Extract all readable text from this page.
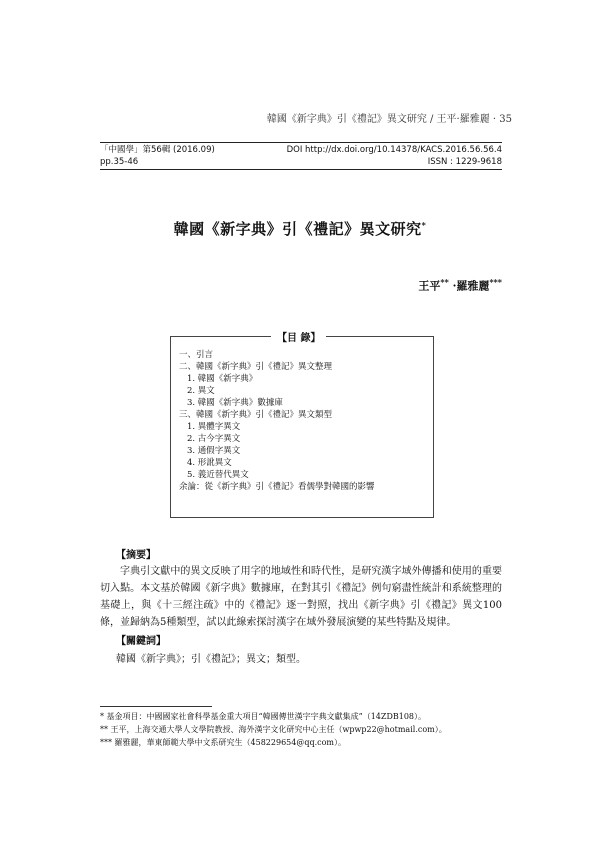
韓國《新字典》引《禮記》異文研究 / 王平·羅雅麗 · 35
「中國學」第56輯 (2016.09)	DOI http://dx.doi.org/10.14378/KACS.2016.56.56.4
pp.35-46	ISSN : 1229-9618
韓國《新字典》引《禮記》異文研究*
王平** ·羅雅麗***
【目 錄】
一、引言
二、韓國《新字典》引《禮記》異文整理
1. 韓國《新字典》
2. 異文
3. 韓國《新字典》數據庫
三、韓國《新字典》引《禮記》異文類型
1. 異體字異文
2. 古今字異文
3. 通假字異文
4. 形訛異文
5. 義近替代異文
余論：從《新字典》引《禮記》看儒學對韓國的影響
【摘要】
字典引文獻中的異文反映了用字的地域性和時代性，是研究漢字域外傳播和使用的重要切入點。本文基於韓國《新字典》數據庫，在對其引《禮記》例句窮盡性統計和系統整理的基礎上，與《十三經注疏》中的《禮記》逐一對照，找出《新字典》引《禮記》異文100條，並歸納為5種類型，試以此線索探討漢字在域外發展演變的某些特點及規律。
【關鍵詞】
韓國《新字典》；引《禮記》；異文；類型。
* 基金項目：中國國家社會科學基金重大項目“韓國傳世漢字字典文獻集成”（14ZDB108）。
** 王平，上海交通大學人文學院教授、海外漢字文化研究中心主任（wpwp22@hotmail.com）。
*** 羅雅麗，華東師範大學中文系研究生（458229654@qq.com）。
